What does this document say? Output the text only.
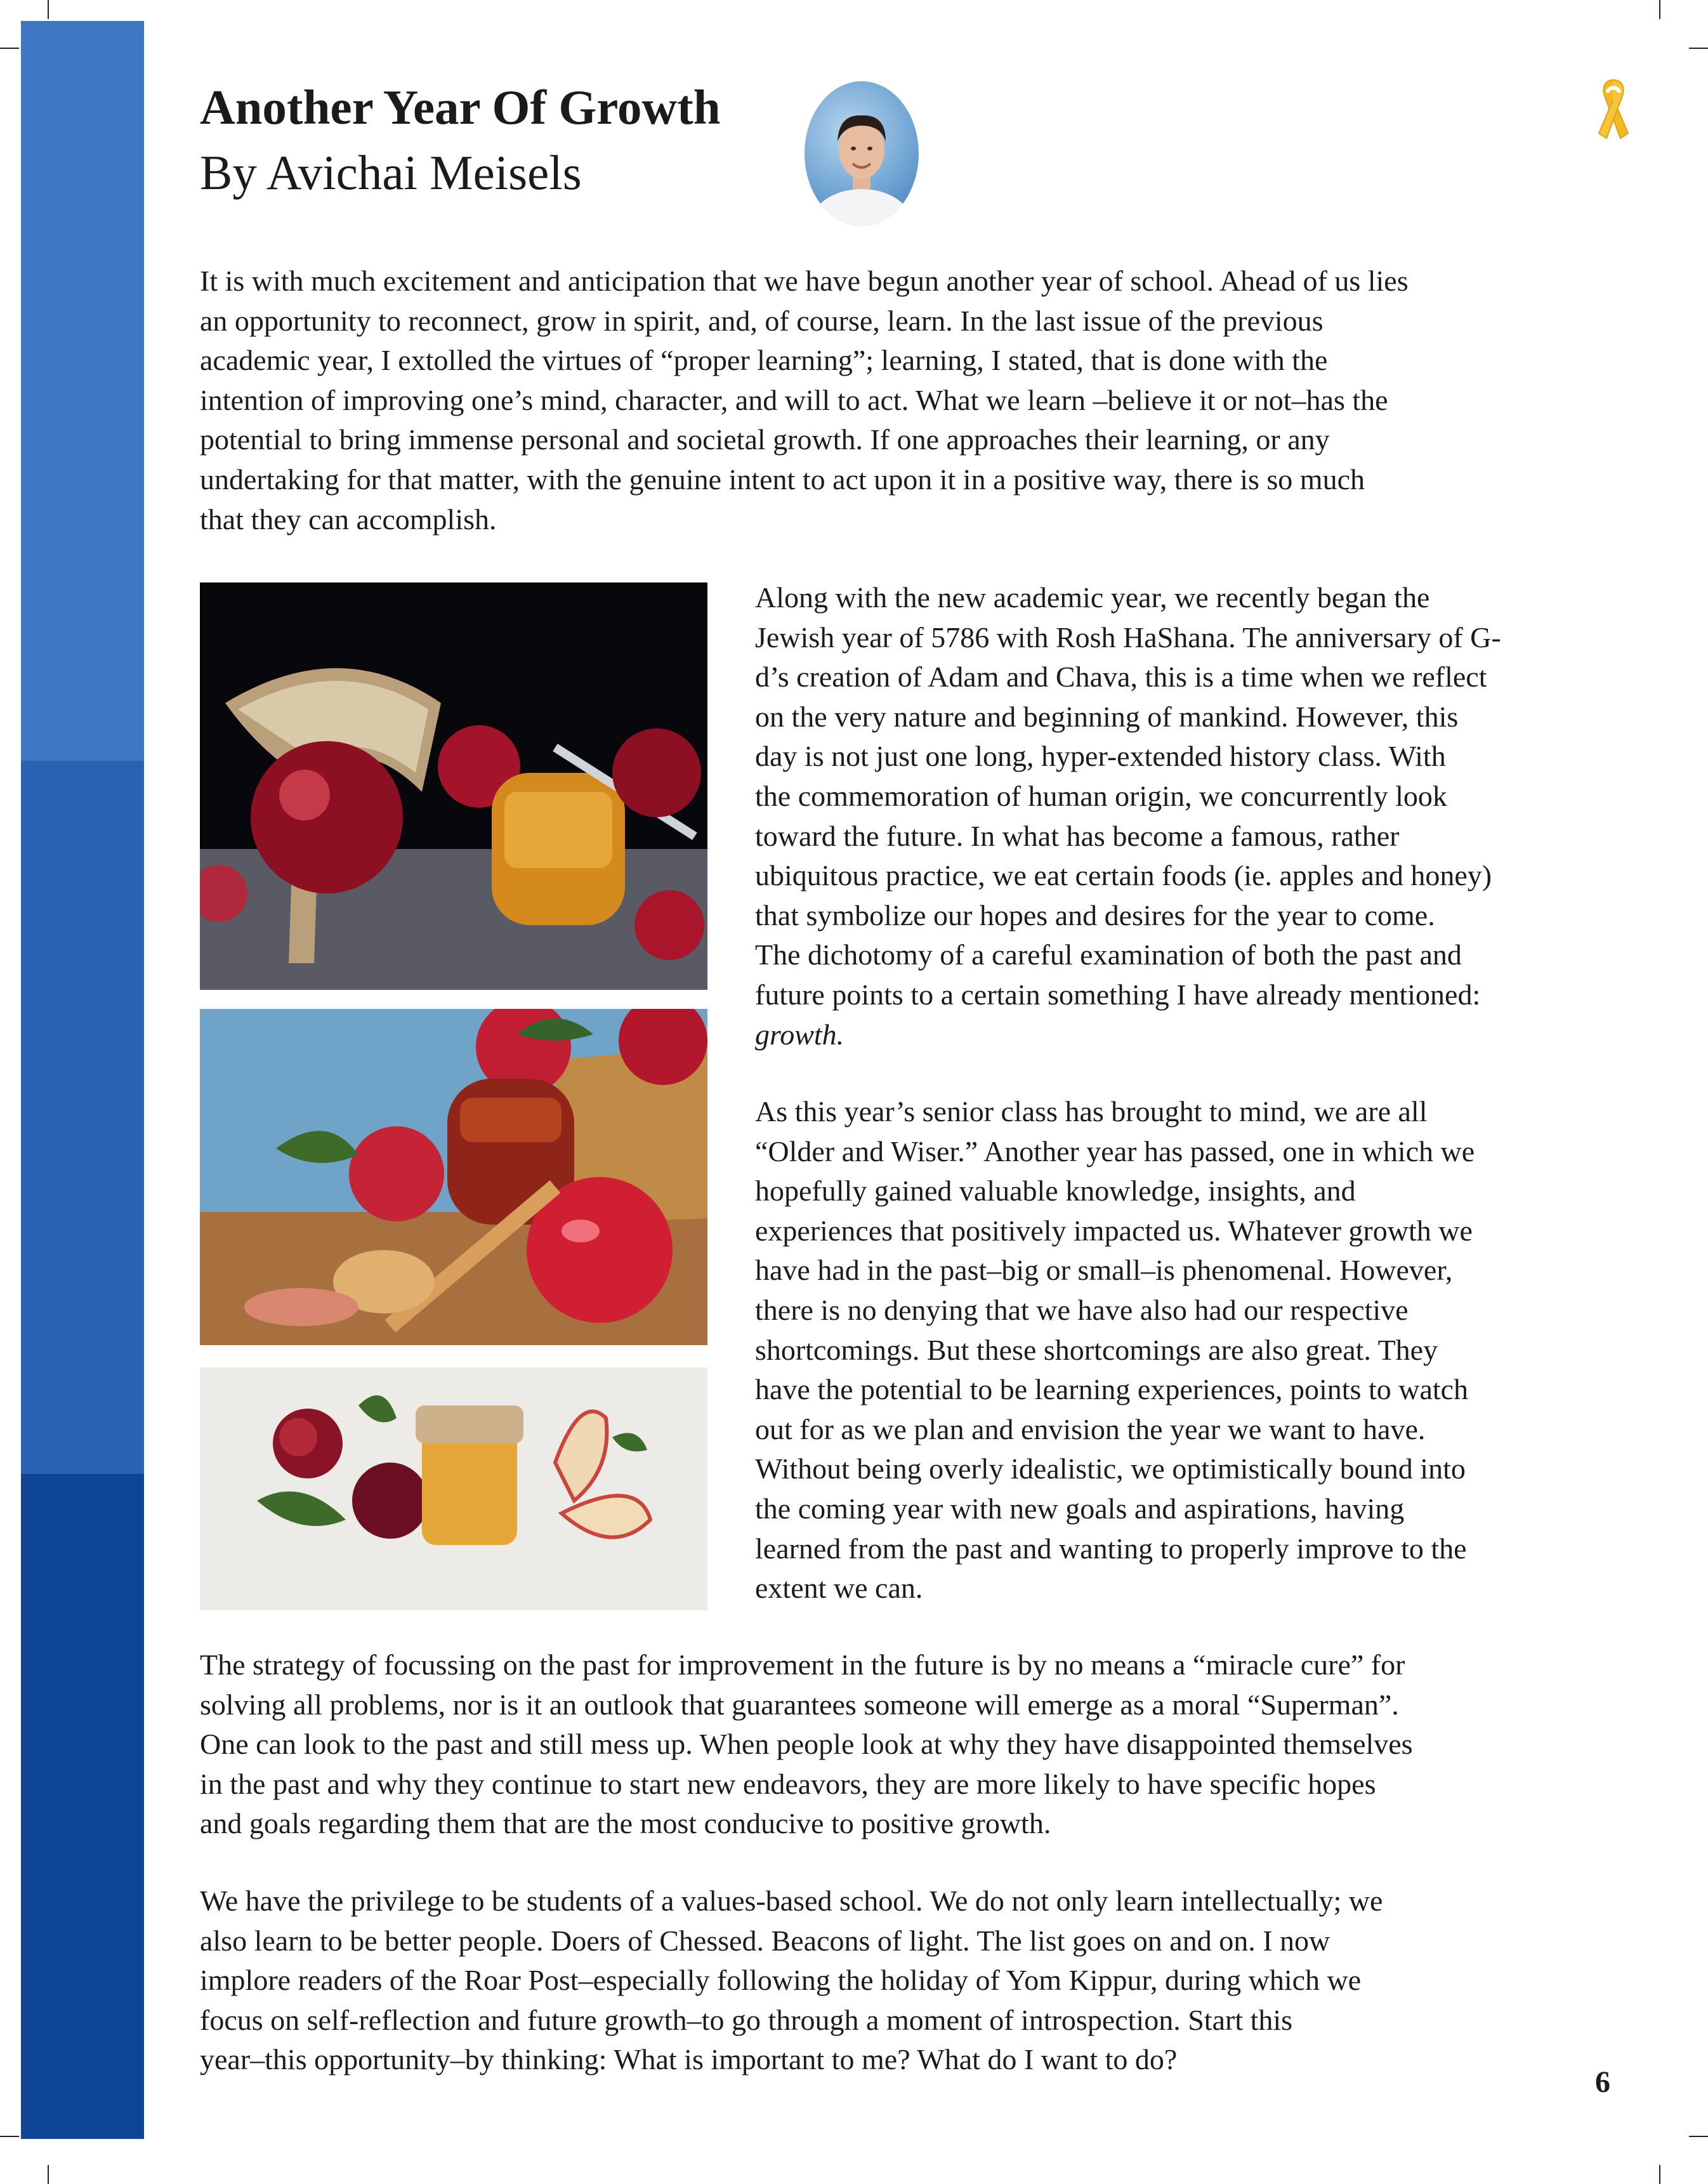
Another Year Of Growth
By Avichai Meisels
It is with much excitement and anticipation that we have begun another year of school. Ahead of us lies
an opportunity to reconnect, grow in spirit, and, of course, learn. In the last issue of the previous
academic year, I extolled the virtues of “proper learning”; learning, I stated, that is done with the
intention of improving one’s mind, character, and will to act. What we learn –believe it or not–has the
potential to bring immense personal and societal growth. If one approaches their learning, or any
undertaking for that matter, with the genuine intent to act upon it in a positive way, there is so much
that they can accomplish.
Along with the new academic year, we recently began the
Jewish year of 5786 with Rosh HaShana. The anniversary of G-
d’s creation of Adam and Chava, this is a time when we reflect
on the very nature and beginning of mankind. However, this
day is not just one long, hyper-extended history class. With
the commemoration of human origin, we concurrently look
toward the future. In what has become a famous, rather
ubiquitous practice, we eat certain foods (ie. apples and honey)
that symbolize our hopes and desires for the year to come.
The dichotomy of a careful examination of both the past and
future points to a certain something I have already mentioned:
growth.
As this year’s senior class has brought to mind, we are all
“Older and Wiser.” Another year has passed, one in which we
hopefully gained valuable knowledge, insights, and
experiences that positively impacted us. Whatever growth we
have had in the past–big or small–is phenomenal. However,
there is no denying that we have also had our respective
shortcomings. But these shortcomings are also great. They
have the potential to be learning experiences, points to watch
out for as we plan and envision the year we want to have.
Without being overly idealistic, we optimistically bound into
the coming year with new goals and aspirations, having
learned from the past and wanting to properly improve to the
extent we can.
The strategy of focussing on the past for improvement in the future is by no means a “miracle cure” for
solving all problems, nor is it an outlook that guarantees someone will emerge as a moral “Superman”.
One can look to the past and still mess up. When people look at why they have disappointed themselves
in the past and why they continue to start new endeavors, they are more likely to have specific hopes
and goals regarding them that are the most conducive to positive growth.
We have the privilege to be students of a values-based school. We do not only learn intellectually; we
also learn to be better people. Doers of Chessed. Beacons of light. The list goes on and on. I now
implore readers of the Roar Post–especially following the holiday of Yom Kippur, during which we
focus on self-reflection and future growth–to go through a moment of introspection. Start this
year–this opportunity–by thinking: What is important to me? What do I want to do?
6
